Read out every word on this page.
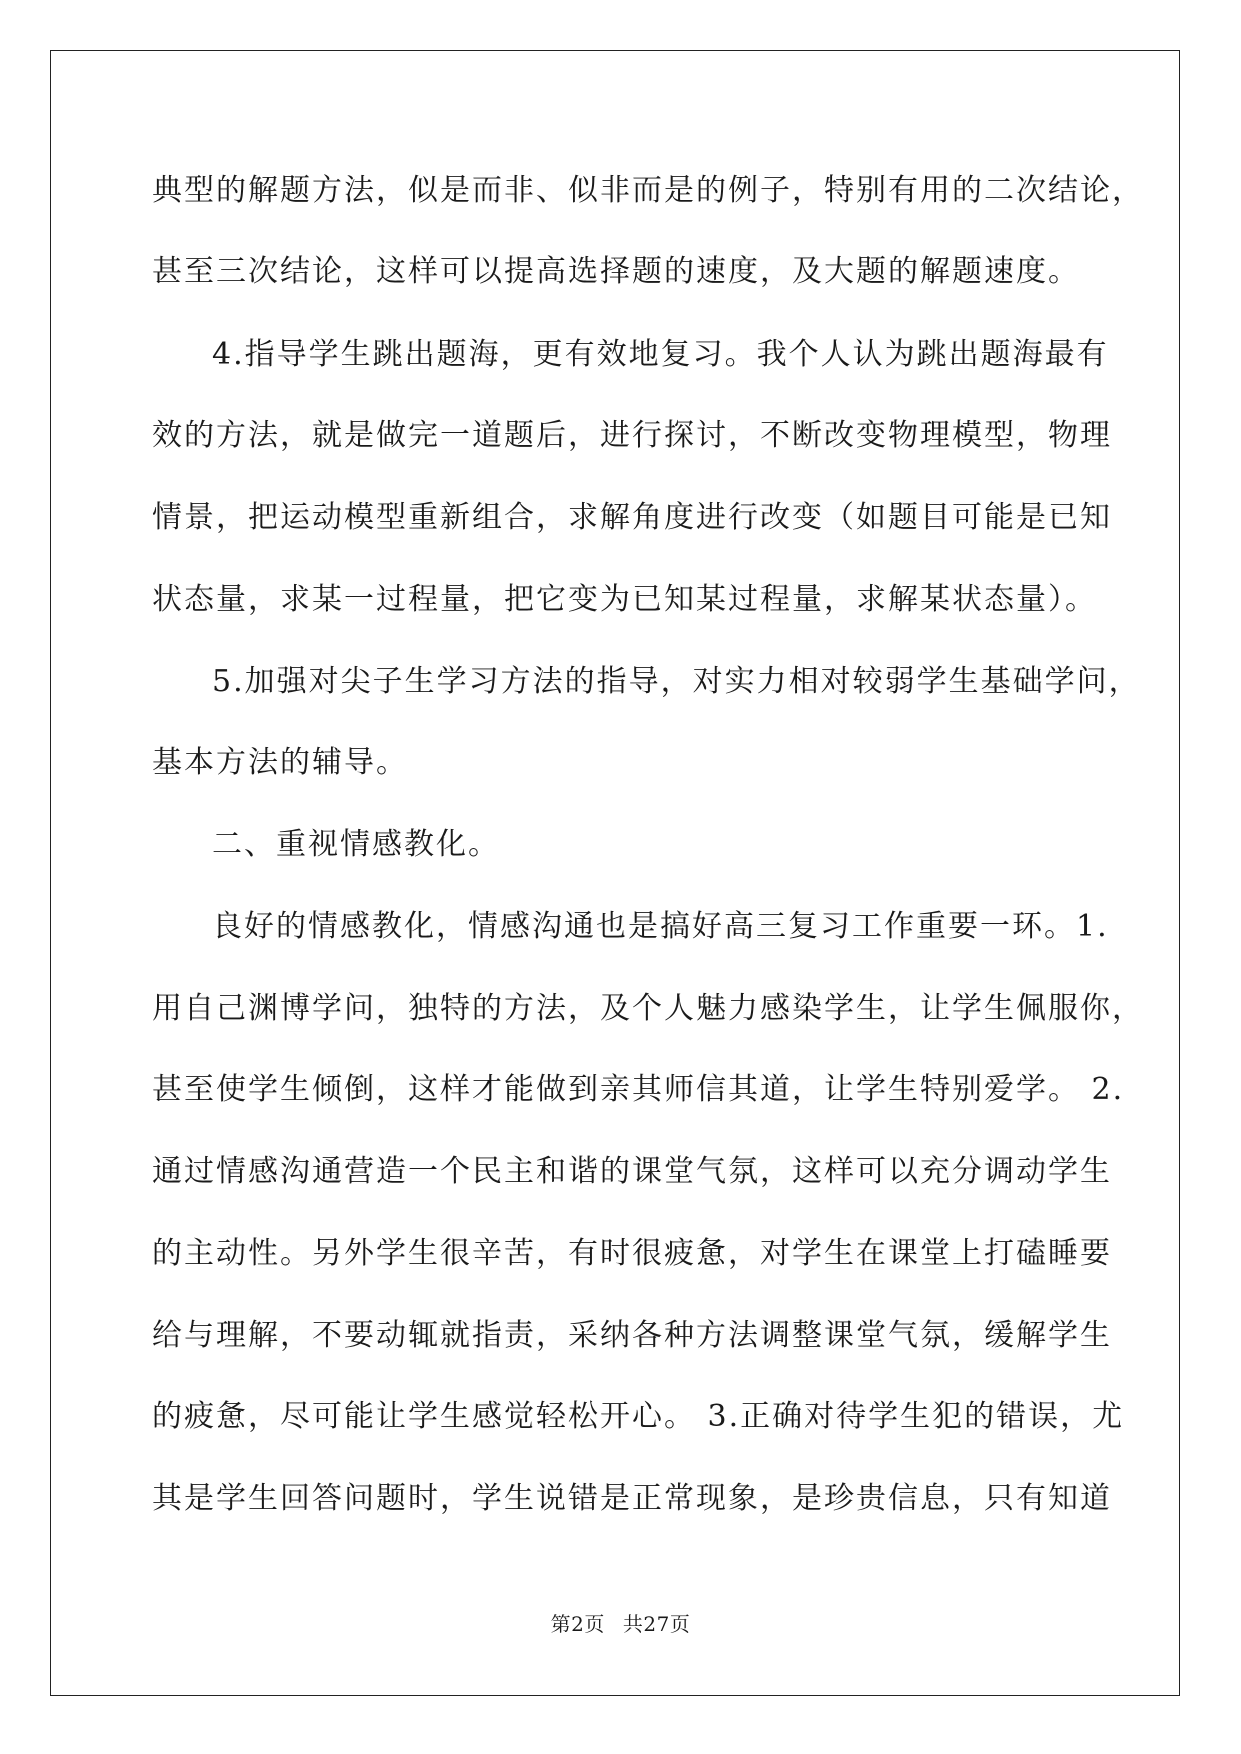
典型的解题方法，似是而非、似非而是的例子，特别有用的二次结论，
甚至三次结论，这样可以提高选择题的速度，及大题的解题速度。
4.指导学生跳出题海，更有效地复习。我个人认为跳出题海最有
效的方法，就是做完一道题后，进行探讨，不断改变物理模型，物理
情景，把运动模型重新组合，求解角度进行改变（如题目可能是已知
状态量，求某一过程量，把它变为已知某过程量，求解某状态量）。
5.加强对尖子生学习方法的指导，对实力相对较弱学生基础学问，
基本方法的辅导。
二、重视情感教化。
良好的情感教化，情感沟通也是搞好高三复习工作重要一环。1.
用自己渊博学问，独特的方法，及个人魅力感染学生，让学生佩服你，
甚至使学生倾倒，这样才能做到亲其师信其道，让学生特别爱学。 2.
通过情感沟通营造一个民主和谐的课堂气氛，这样可以充分调动学生
的主动性。另外学生很辛苦，有时很疲惫，对学生在课堂上打磕睡要
给与理解，不要动辄就指责，采纳各种方法调整课堂气氛，缓解学生
的疲惫，尽可能让学生感觉轻松开心。 3.正确对待学生犯的错误，尤
其是学生回答问题时，学生说错是正常现象，是珍贵信息，只有知道
第2页 共27页
